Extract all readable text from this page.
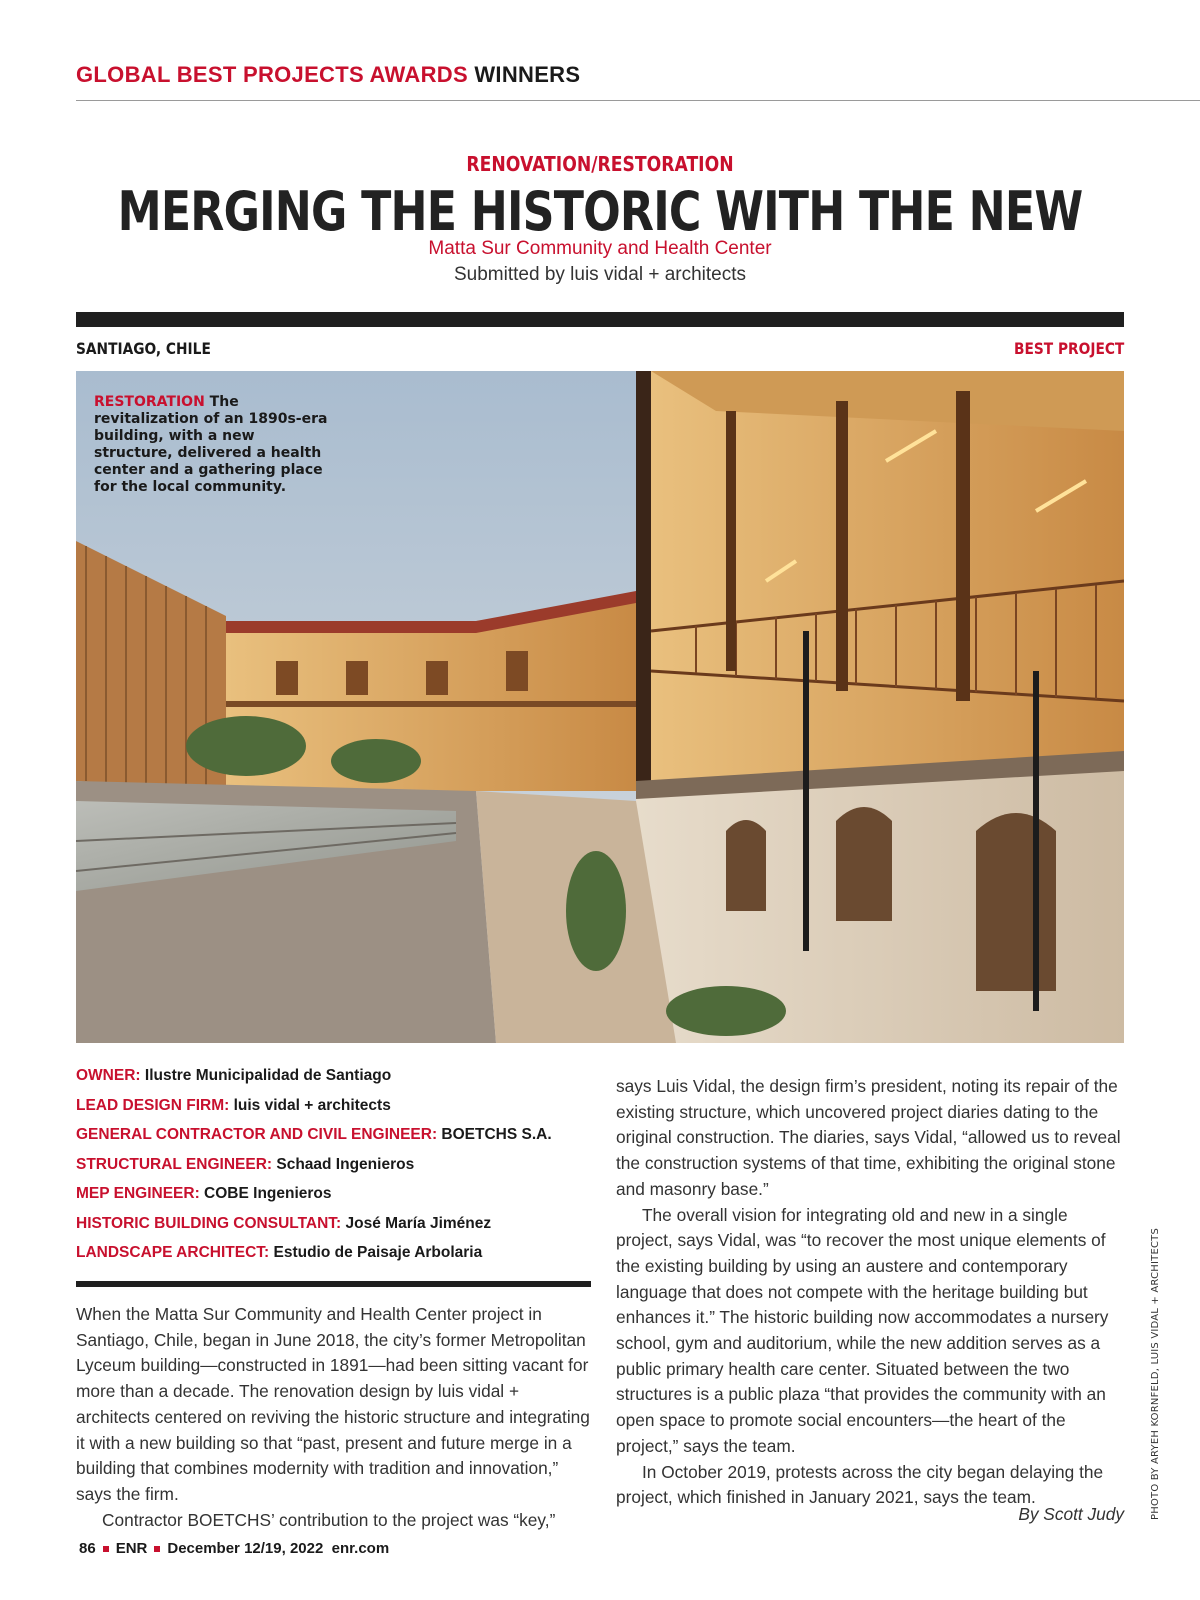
GLOBAL BEST PROJECTS AWARDS WINNERS
RENOVATION/RESTORATION
MERGING THE HISTORIC WITH THE NEW
Matta Sur Community and Health Center
Submitted by luis vidal + architects
SANTIAGO, CHILE	BEST PROJECT
RESTORATION The revitalization of an 1890s-era building, with a new structure, delivered a health center and a gathering place for the local community.
OWNER: Ilustre Municipalidad de Santiago
LEAD DESIGN FIRM: luis vidal + architects
GENERAL CONTRACTOR AND CIVIL ENGINEER: BOETCHS S.A.
STRUCTURAL ENGINEER: Schaad Ingenieros
MEP ENGINEER: COBE Ingenieros
HISTORIC BUILDING CONSULTANT: José María Jiménez
LANDSCAPE ARCHITECT: Estudio de Paisaje Arbolaria

When the Matta Sur Community and Health Center project in Santiago, Chile, began in June 2018, the city’s former Metropolitan Lyceum building—constructed in 1891—had been sitting vacant for more than a decade. The renovation design by luis vidal + architects centered on reviving the historic structure and integrating it with a new building so that “past, present and future merge in a building that combines modernity with tradition and innovation,” says the firm.

Contractor BOETCHS’ contribution to the project was “key,”

says Luis Vidal, the design firm’s president, noting its repair of the existing structure, which uncovered project diaries dating to the original construction. The diaries, says Vidal, “allowed us to reveal the construction systems of that time, exhibiting the original stone and masonry base.”

The overall vision for integrating old and new in a single project, says Vidal, was “to recover the most unique elements of the existing building by using an austere and contemporary language that does not compete with the heritage building but enhances it.” The historic building now accommodates a nursery school, gym and auditorium, while the new addition serves as a public primary health care center. Situated between the two structures is a public plaza “that provides the community with an open space to promote social encounters—the heart of the project,” says the team.

In October 2019, protests across the city began delaying the project, which finished in January 2021, says the team.

By Scott Judy	PHOTO BY ARYEH KORNFELD, LUIS VIDAL + ARCHITECTS
86 ENR December 12/19, 2022 enr.com
